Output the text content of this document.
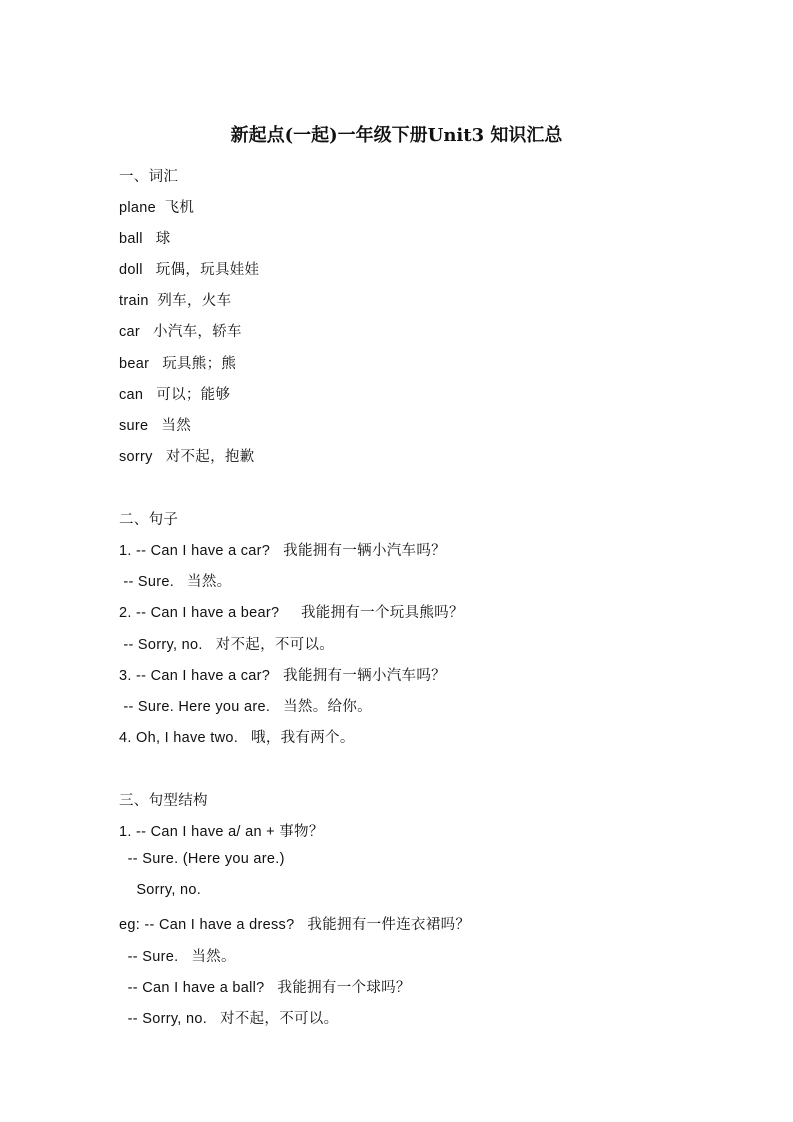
新起点(一起)一年级下册Unit3 知识汇总
一、词汇
plane  飞机
ball   球
doll   玩偶，玩具娃娃
train  列车，火车
car   小汽车，轿车
bear   玩具熊；熊
can   可以；能够
sure   当然
sorry   对不起，抱歉
二、句子
1. -- Can I have a car?   我能拥有一辆小汽车吗？
-- Sure.   当然。
2. -- Can I have a bear?     我能拥有一个玩具熊吗？
-- Sorry, no.   对不起，不可以。
3. -- Can I have a car?   我能拥有一辆小汽车吗？
-- Sure. Here you are.   当然。给你。
4. Oh, I have two.   哦，我有两个。
三、句型结构
1. -- Can I have a/ an + 事物？
-- Sure. (Here you are.)
Sorry, no.
eg: -- Can I have a dress?   我能拥有一件连衣裙吗？
-- Sure.   当然。
-- Can I have a ball?   我能拥有一个球吗？
-- Sorry, no.   对不起，不可以。
